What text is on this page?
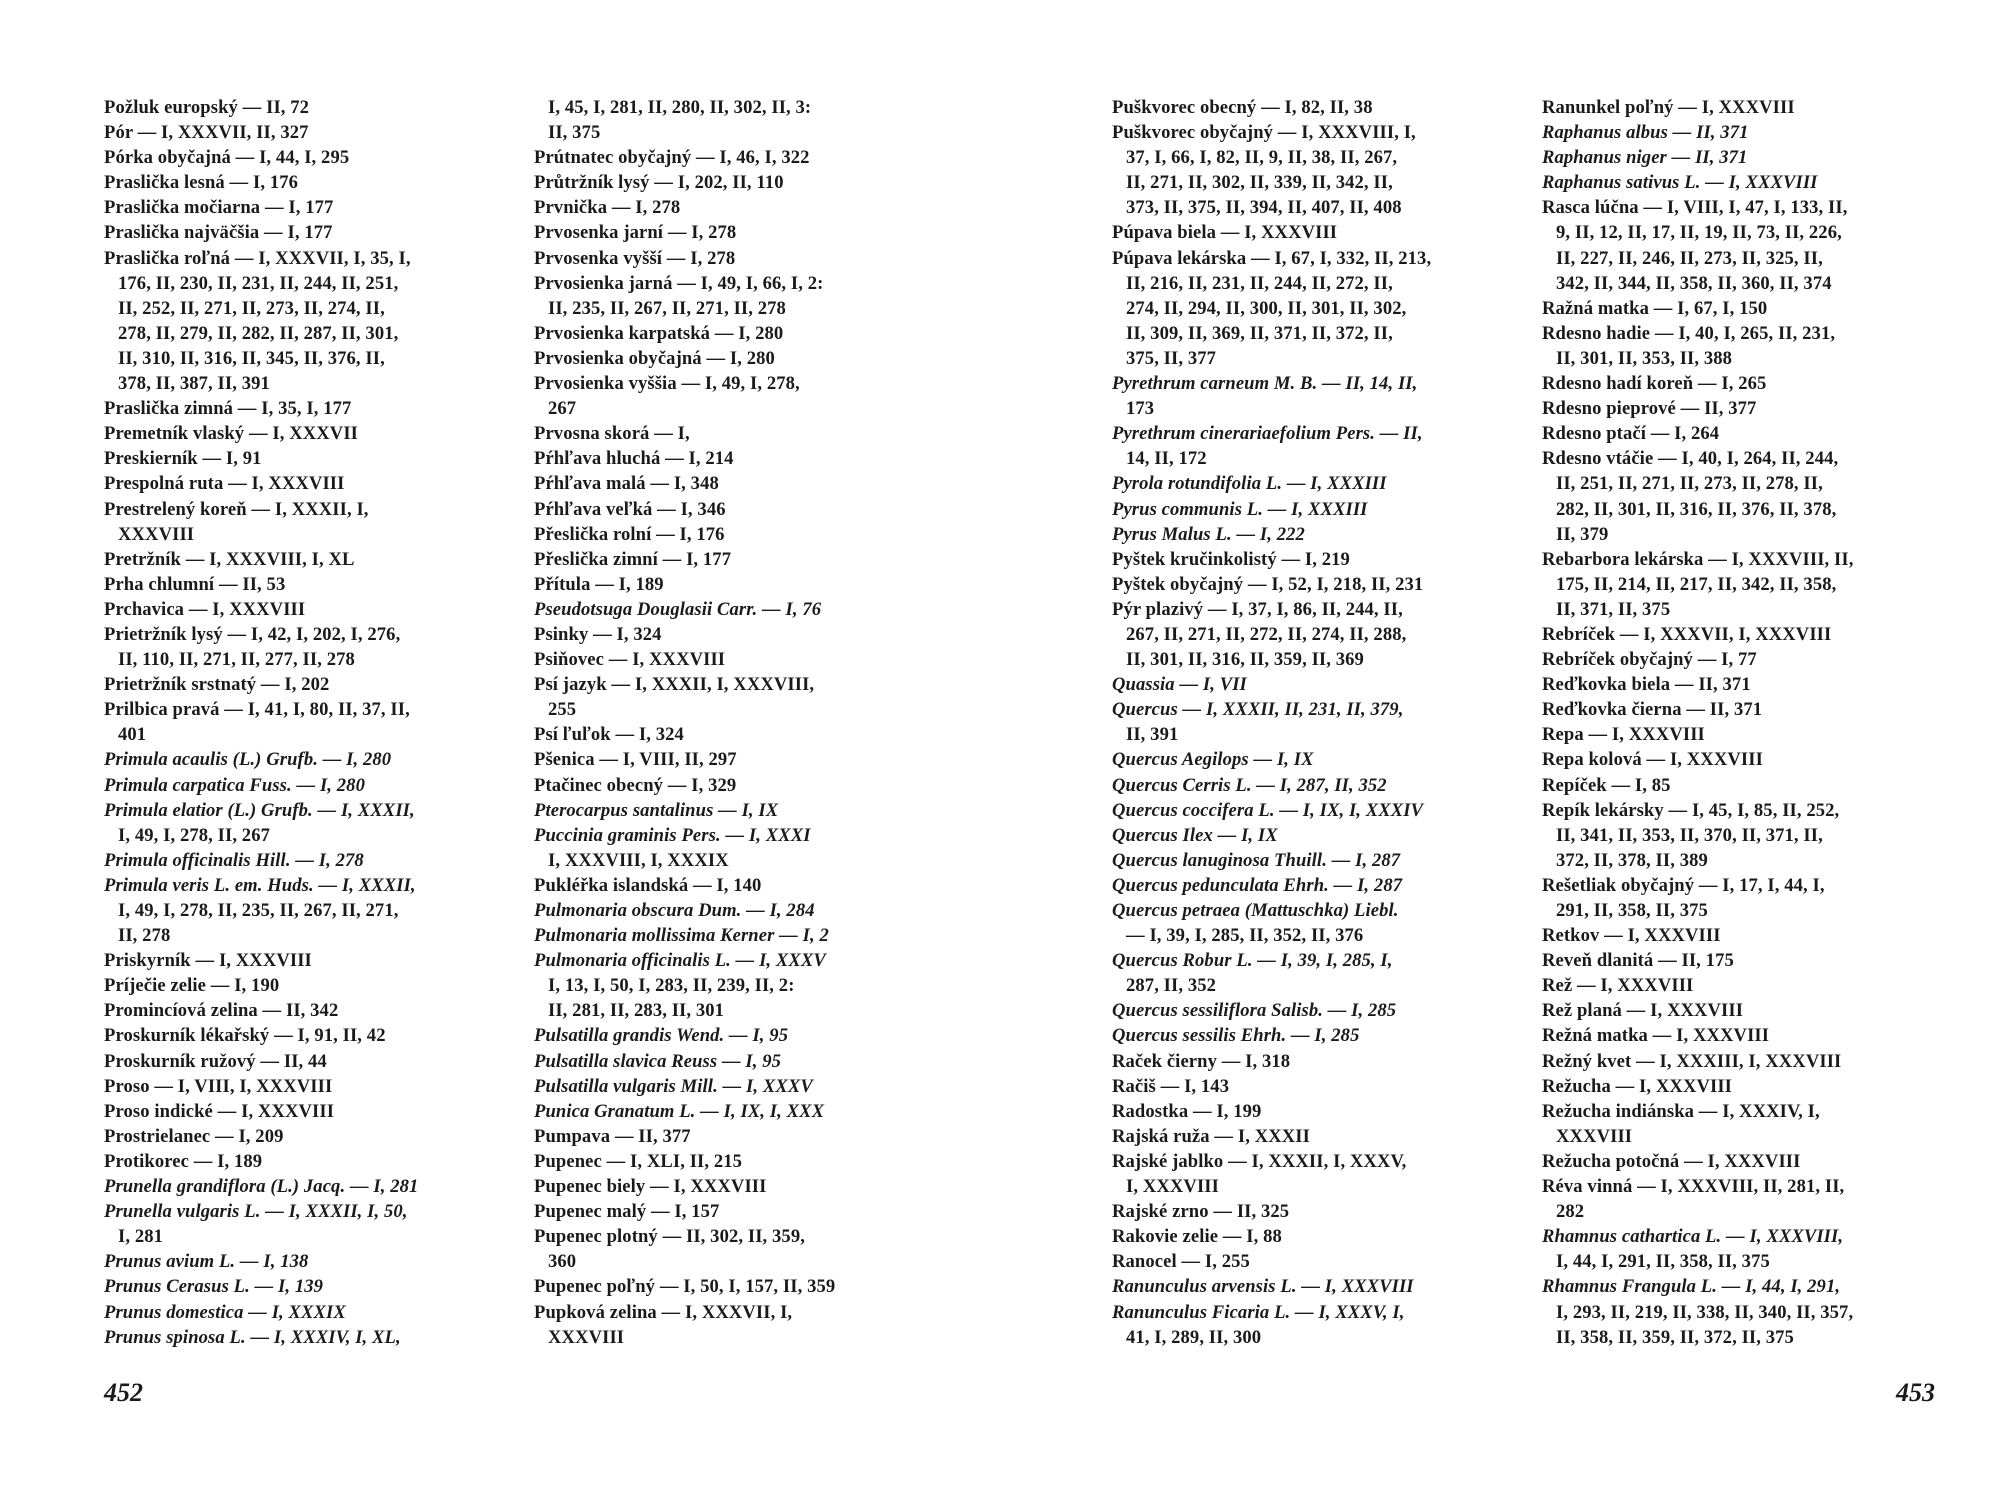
Požluk europský — II, 72
Pór — I, XXXVII, II, 327
Pórka obyčajná — I, 44, I, 295
Praslička lesná — I, 176
Praslička močiarna — I, 177
Praslička najväčšia — I, 177
Praslička roľná — I, XXXVII, I, 35, I,
176, II, 230, II, 231, II, 244, II, 251,
II, 252, II, 271, II, 273, II, 274, II,
278, II, 279, II, 282, II, 287, II, 301,
II, 310, II, 316, II, 345, II, 376, II,
378, II, 387, II, 391
Praslička zimná — I, 35, I, 177
Premetník vlaský — I, XXXVII
Preskierník — I, 91
Prespolná ruta — I, XXXVIII
Prestrelený koreň — I, XXXII, I,
XXXVIII
Pretržník — I, XXXVIII, I, XL
Prha chlumní — II, 53
Prchavica — I, XXXVIII
Prietržník lysý — I, 42, I, 202, I, 276,
II, 110, II, 271, II, 277, II, 278
Prietržník srstnatý — I, 202
Prilbica pravá — I, 41, I, 80, II, 37, II,
401
Primula acaulis (L.) Grufb. — I, 280
Primula carpatica Fuss. — I, 280
Primula elatior (L.) Grufb. — I, XXXII,
I, 49, I, 278, II, 267
Primula officinalis Hill. — I, 278
Primula veris L. em. Huds. — I, XXXII,
I, 49, I, 278, II, 235, II, 267, II, 271,
II, 278
Priskyrník — I, XXXVIII
Príječie zelie — I, 190
Promincíová zelina — II, 342
Proskurník lékařský — I, 91, II, 42
Proskurník ružový — II, 44
Proso — I, VIII, I, XXXVIII
Proso indické — I, XXXVIII
Prostrielanec — I, 209
Protikorec — I, 189
Prunella grandiflora (L.) Jacq. — I, 281
Prunella vulgaris L. — I, XXXII, I, 50,
I, 281
Prunus avium L. — I, 138
Prunus Cerasus L. — I, 139
Prunus domestica — I, XXXIX
Prunus spinosa L. — I, XXXIV, I, XL,
I, 45, I, 281, II, 280, II, 302, II, 3:
II, 375
Prútnatec obyčajný — I, 46, I, 322
Průtržník lysý — I, 202, II, 110
Prvnička — I, 278
Prvosenka jarní — I, 278
Prvosenka vyšší — I, 278
Prvosienka jarná — I, 49, I, 66, I, 2:
II, 235, II, 267, II, 271, II, 278
Prvosienka karpatská — I, 280
Prvosienka obyčajná — I, 280
Prvosienka vyššia — I, 49, I, 278,
267
Prvosna skorá — I,
Pŕhľava hluchá — I, 214
Pŕhľava malá — I, 348
Pŕhľava veľká — I, 346
Přeslička rolní — I, 176
Přeslička zimní — I, 177
Přítula — I, 189
Pseudotsuga Douglasii Carr. — I, 76
Psinky — I, 324
Psiňovec — I, XXXVIII
Psí jazyk — I, XXXII, I, XXXVIII,
255
Psí ľuľok — I, 324
Pšenica — I, VIII, II, 297
Ptačinec obecný — I, 329
Pterocarpus santalinus — I, IX
Puccinia graminis Pers. — I, XXXI
I, XXXVIII, I, XXXIX
Pukléřka islandská — I, 140
Pulmonaria obscura Dum. — I, 284
Pulmonaria mollissima Kerner — I, 2
Pulmonaria officinalis L. — I, XXXV
I, 13, I, 50, I, 283, II, 239, II, 2:
II, 281, II, 283, II, 301
Pulsatilla grandis Wend. — I, 95
Pulsatilla slavica Reuss — I, 95
Pulsatilla vulgaris Mill. — I, XXXV
Punica Granatum L. — I, IX, I, XXX
Pumpava — II, 377
Pupenec — I, XLI, II, 215
Pupenec biely — I, XXXVIII
Pupenec malý — I, 157
Pupenec plotný — II, 302, II, 359,
360
Pupenec poľný — I, 50, I, 157, II, 359
Pupková zelina — I, XXXVII, I,
XXXVIII
452
Puškvorec obecný — I, 82, II, 38
Puškvorec obyčajný — I, XXXVIII, I,
37, I, 66, I, 82, II, 9, II, 38, II, 267,
II, 271, II, 302, II, 339, II, 342, II,
373, II, 375, II, 394, II, 407, II, 408
Púpava biela — I, XXXVIII
Púpava lekárska — I, 67, I, 332, II, 213,
II, 216, II, 231, II, 244, II, 272, II,
274, II, 294, II, 300, II, 301, II, 302,
II, 309, II, 369, II, 371, II, 372, II,
375, II, 377
Pyrethrum carneum M. B. — II, 14, II,
173
Pyrethrum cinerariaefolium Pers. — II,
14, II, 172
Pyrola rotundifolia L. — I, XXXIII
Pyrus communis L. — I, XXXIII
Pyrus Malus L. — I, 222
Pyštek kručinkolistý — I, 219
Pyštek obyčajný — I, 52, I, 218, II, 231
Pýr plazivý — I, 37, I, 86, II, 244, II,
267, II, 271, II, 272, II, 274, II, 288,
II, 301, II, 316, II, 359, II, 369
Quassia — I, VII
Quercus — I, XXXII, II, 231, II, 379,
II, 391
Quercus Aegilops — I, IX
Quercus Cerris L. — I, 287, II, 352
Quercus coccifera L. — I, IX, I, XXXIV
Quercus Ilex — I, IX
Quercus lanuginosa Thuill. — I, 287
Quercus pedunculata Ehrh. — I, 287
Quercus petraea (Mattuschka) Liebl.
— I, 39, I, 285, II, 352, II, 376
Quercus Robur L. — I, 39, I, 285, I,
287, II, 352
Quercus sessiliflora Salisb. — I, 285
Quercus sessilis Ehrh. — I, 285
Raček čierny — I, 318
Račiš — I, 143
Radostka — I, 199
Rajská ruža — I, XXXII
Rajské jablko — I, XXXII, I, XXXV,
I, XXXVIII
Rajské zrno — II, 325
Rakovie zelie — I, 88
Ranocel — I, 255
Ranunculus arvensis L. — I, XXXVIII
Ranunculus Ficaria L. — I, XXXV, I,
41, I, 289, II, 300
Ranunkel poľný — I, XXXVIII
Raphanus albus — II, 371
Raphanus niger — II, 371
Raphanus sativus L. — I, XXXVIII
Rasca lúčna — I, VIII, I, 47, I, 133, II,
9, II, 12, II, 17, II, 19, II, 73, II, 226,
II, 227, II, 246, II, 273, II, 325, II,
342, II, 344, II, 358, II, 360, II, 374
Ražná matka — I, 67, I, 150
Rdesno hadie — I, 40, I, 265, II, 231,
II, 301, II, 353, II, 388
Rdesno hadí koreň — I, 265
Rdesno pieprové — II, 377
Rdesno ptačí — I, 264
Rdesno vtáčie — I, 40, I, 264, II, 244,
II, 251, II, 271, II, 273, II, 278, II,
282, II, 301, II, 316, II, 376, II, 378,
II, 379
Rebarbora lekárska — I, XXXVIII, II,
175, II, 214, II, 217, II, 342, II, 358,
II, 371, II, 375
Rebríček — I, XXXVII, I, XXXVIII
Rebríček obyčajný — I, 77
Reďkovka biela — II, 371
Reďkovka čierna — II, 371
Repa — I, XXXVIII
Repa kolová — I, XXXVIII
Repíček — I, 85
Repík lekársky — I, 45, I, 85, II, 252,
II, 341, II, 353, II, 370, II, 371, II,
372, II, 378, II, 389
Rešetliak obyčajný — I, 17, I, 44, I,
291, II, 358, II, 375
Retkov — I, XXXVIII
Reveň dlanitá — II, 175
Rež — I, XXXVIII
Rež planá — I, XXXVIII
Režná matka — I, XXXVIII
Režný kvet — I, XXXIII, I, XXXVIII
Režucha — I, XXXVIII
Režucha indiánska — I, XXXIV, I,
XXXVIII
Režucha potočná — I, XXXVIII
Réva vinná — I, XXXVIII, II, 281, II,
282
Rhamnus cathartica L. — I, XXXVIII,
I, 44, I, 291, II, 358, II, 375
Rhamnus Frangula L. — I, 44, I, 291,
I, 293, II, 219, II, 338, II, 340, II, 357,
II, 358, II, 359, II, 372, II, 375
453
